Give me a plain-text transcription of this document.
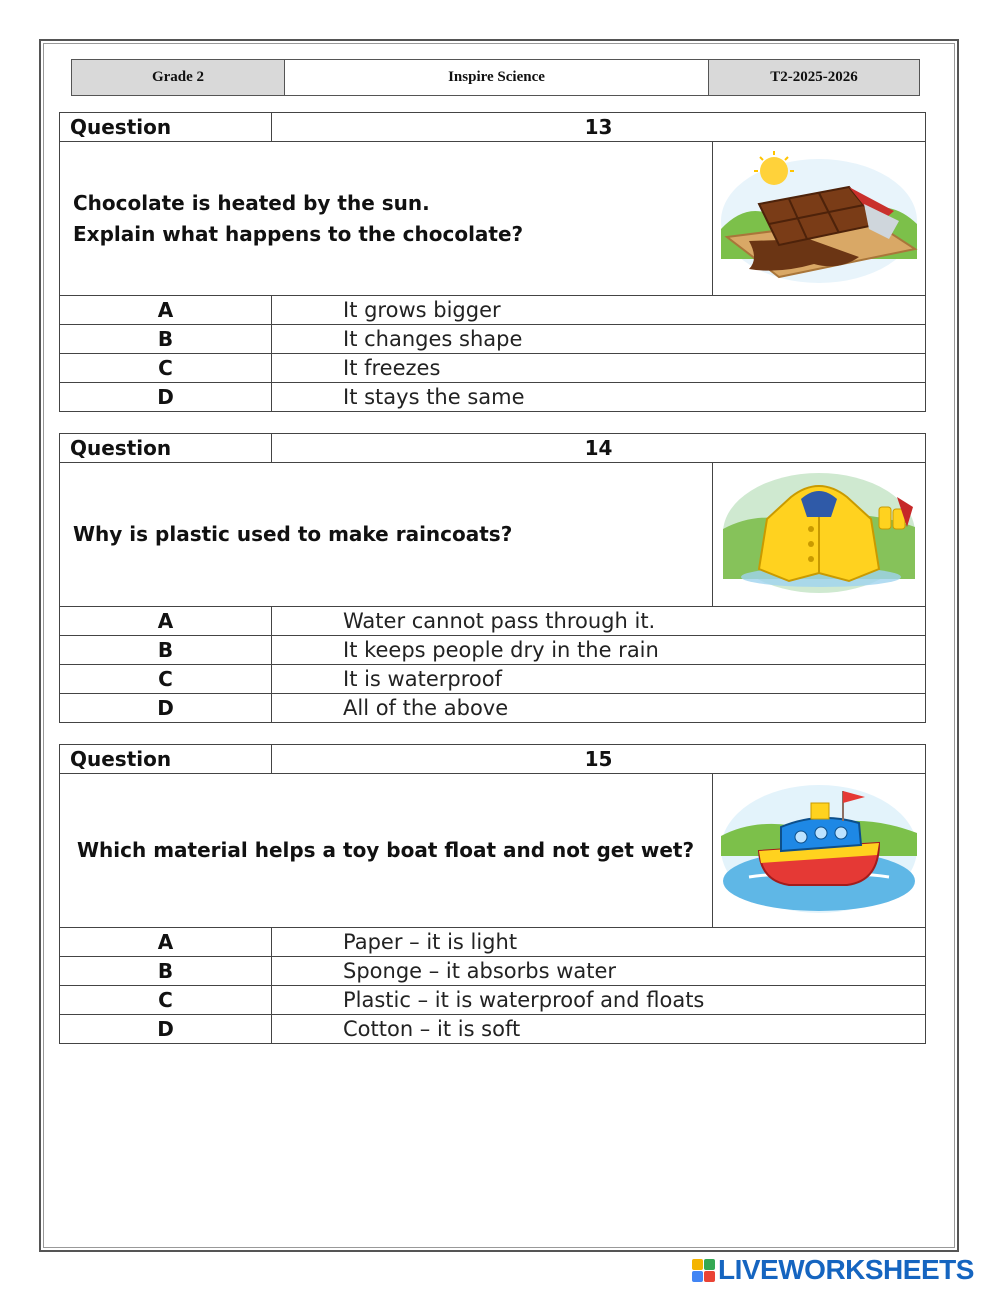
Grade 2	Inspire Science	T2-2025-2026
Question	13	

Chocolate is heated by the sun.
Explain what happens to the chocolate?

A	It grows bigger	
B	It changes shape	
C	It freezes	
D	It stays the same	
Question	14	

Why is plastic used to make raincoats?

A	Water cannot pass through it.	
B	It keeps people dry in the rain	
C	It is waterproof	
D	All of the above	
Question	15	

Which material helps a toy boat float and not get wet?

A	Paper – it is light	
B	Sponge – it absorbs water	
C	Plastic – it is waterproof and floats	
D	Cotton – it is soft	
LIVEWORKSHEETS
